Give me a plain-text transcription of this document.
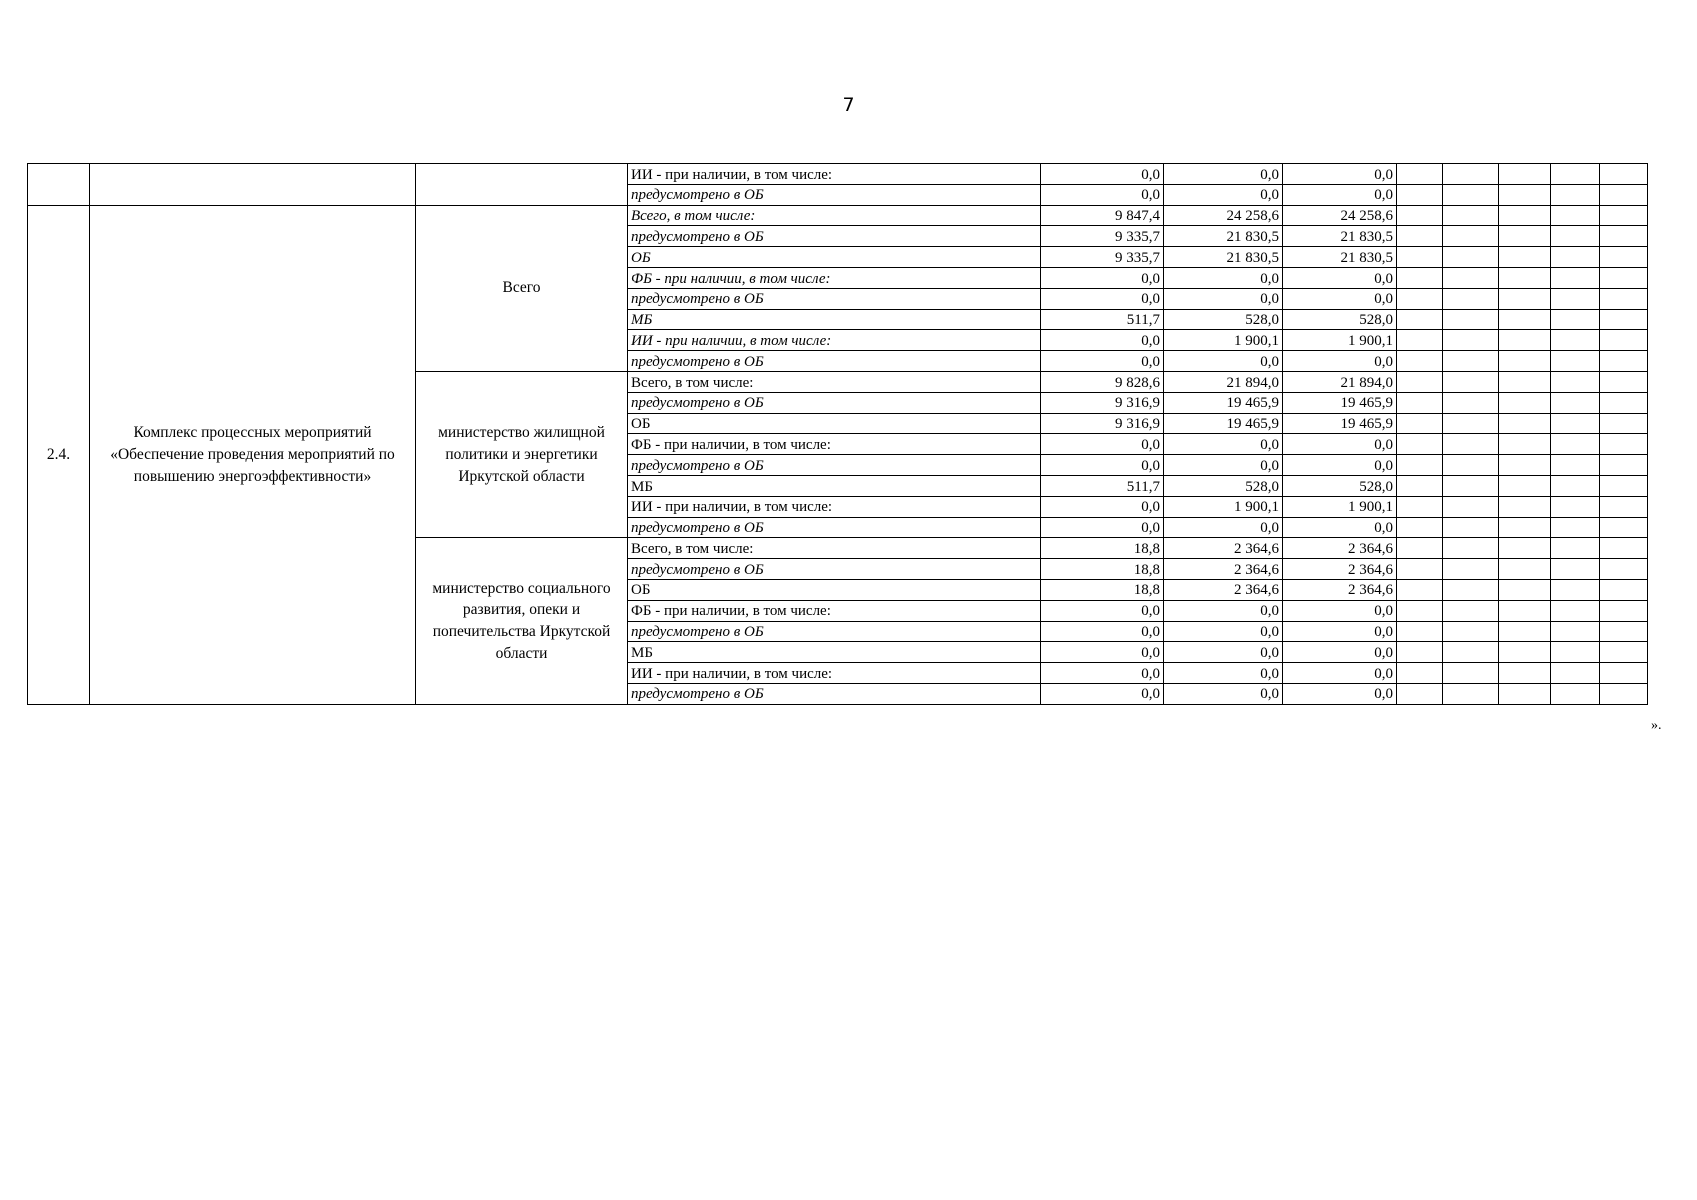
7
			ИИ - при наличии, в том числе:	0,0	0,0	0,0					
			предусмотрено в ОБ	0,0	0,0	0,0					
2.4.	Комплекс процессных мероприятий «Обеспечение проведения мероприятий по повышению энергоэффективности»	Всего	Всего, в том числе:	9 847,4	24 258,6	24 258,6					
			предусмотрено в ОБ	9 335,7	21 830,5	21 830,5					
			ОБ	9 335,7	21 830,5	21 830,5					
			ФБ - при наличии, в том числе:	0,0	0,0	0,0					
			предусмотрено в ОБ	0,0	0,0	0,0					
			МБ	511,7	528,0	528,0					
			ИИ - при наличии, в том числе:	0,0	1 900,1	1 900,1					
			предусмотрено в ОБ	0,0	0,0	0,0					
		министерство жилищной политики и энергетики Иркутской области	Всего, в том числе:	9 828,6	21 894,0	21 894,0					
			предусмотрено в ОБ	9 316,9	19 465,9	19 465,9					
			ОБ	9 316,9	19 465,9	19 465,9					
			ФБ - при наличии, в том числе:	0,0	0,0	0,0					
			предусмотрено в ОБ	0,0	0,0	0,0					
			МБ	511,7	528,0	528,0					
			ИИ - при наличии, в том числе:	0,0	1 900,1	1 900,1					
			предусмотрено в ОБ	0,0	0,0	0,0					
		министерство социального развития, опеки и попечительства Иркутской области	Всего, в том числе:	18,8	2 364,6	2 364,6					
			предусмотрено в ОБ	18,8	2 364,6	2 364,6					
			ОБ	18,8	2 364,6	2 364,6					
			ФБ - при наличии, в том числе:	0,0	0,0	0,0					
			предусмотрено в ОБ	0,0	0,0	0,0					
			МБ	0,0	0,0	0,0					
			ИИ - при наличии, в том числе:	0,0	0,0	0,0					
			предусмотрено в ОБ	0,0	0,0	0,0					
».
